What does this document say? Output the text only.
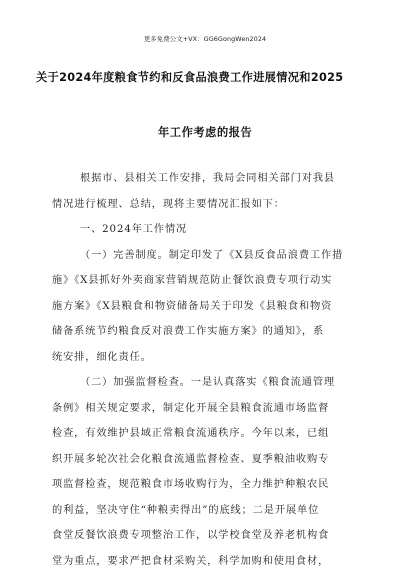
更多免费公文+VX：GG6GongWen2024
关于2024年度粮食节约和反食品浪费工作进展情况和2025
年工作考虑的报告
根据市、县相关工作安排，我局会同相关部门对我县
情况进行梳理、总结，现将主要情况汇报如下：
一、2024年工作情况
（一）完善制度。制定印发了《X县反食品浪费工作措
施》《X县抓好外卖商家营销规范防止餐饮浪费专项行动实
施方案》《X县粮食和物资储备局关于印发《县粮食和物资
储备系统节约粮食反对浪费工作实施方案》的通知》，系
统安排，细化责任。
（二）加强监督检查。一是认真落实《粮食流通管理
条例》相关规定要求，制定化开展全县粮食流通市场监督
检查，有效维护县域正常粮食流通秩序。今年以来，已组
织开展多轮次社会化粮食流通监督检查、夏季粮油收购专
项监督检查，规范粮食市场收购行为，全力维护种粮农民
的利益，坚决守住“种粮卖得出”的底线；二是开展单位
食堂反餐饮浪费专项整治工作，以学校食堂及养老机构食
堂为重点，要求严把食材采购关，科学加购和使用食材，
